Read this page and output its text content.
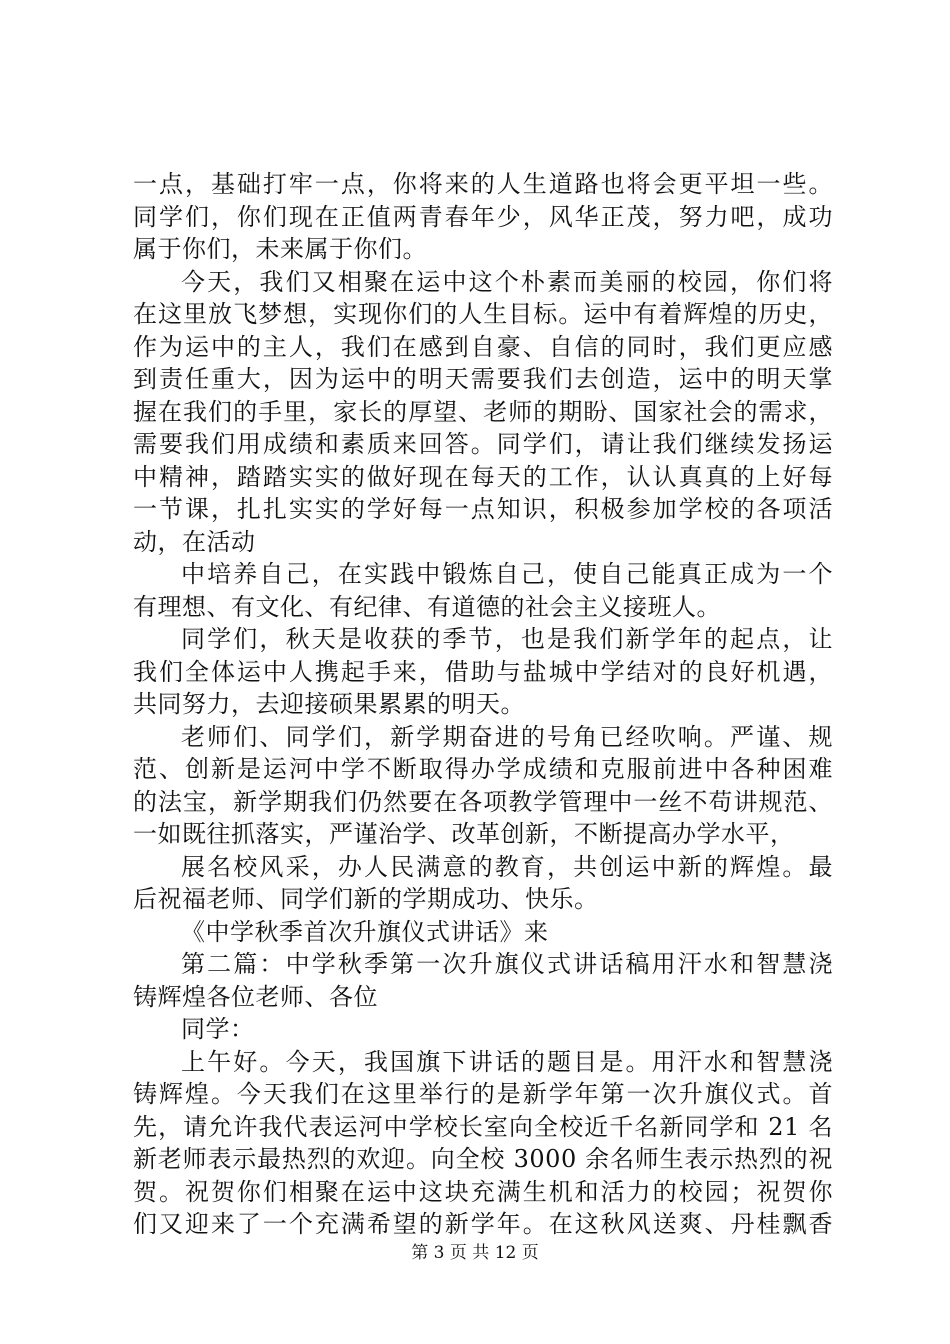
一点，基础打牢一点，你将来的人生道路也将会更平坦一些。
同学们，你们现在正值两青春年少，风华正茂，努力吧，成功
属于你们，未来属于你们。
今天，我们又相聚在运中这个朴素而美丽的校园，你们将
在这里放飞梦想，实现你们的人生目标。运中有着辉煌的历史，
作为运中的主人，我们在感到自豪、自信的同时，我们更应感
到责任重大，因为运中的明天需要我们去创造，运中的明天掌
握在我们的手里，家长的厚望、老师的期盼、国家社会的需求，
需要我们用成绩和素质来回答。同学们，请让我们继续发扬运
中精神，踏踏实实的做好现在每天的工作，认认真真的上好每
一节课，扎扎实实的学好每一点知识，积极参加学校的各项活
动，在活动
中培养自己，在实践中锻炼自己，使自己能真正成为一个
有理想、有文化、有纪律、有道德的社会主义接班人。
同学们，秋天是收获的季节，也是我们新学年的起点，让
我们全体运中人携起手来，借助与盐城中学结对的良好机遇，
共同努力，去迎接硕果累累的明天。
老师们、同学们，新学期奋进的号角已经吹响。严谨、规
范、创新是运河中学不断取得办学成绩和克服前进中各种困难
的法宝，新学期我们仍然要在各项教学管理中一丝不苟讲规范、
一如既往抓落实，严谨治学、改革创新，不断提高办学水平，
展名校风采，办人民满意的教育，共创运中新的辉煌。最
后祝福老师、同学们新的学期成功、快乐。
《中学秋季首次升旗仪式讲话》来
第二篇：中学秋季第一次升旗仪式讲话稿用汗水和智慧浇
铸辉煌各位老师、各位
同学：
上午好。今天，我国旗下讲话的题目是。用汗水和智慧浇
铸辉煌。今天我们在这里举行的是新学年第一次升旗仪式。首
先，请允许我代表运河中学校长室向全校近千名新同学和 21 名
新老师表示最热烈的欢迎。向全校 3000 余名师生表示热烈的祝
贺。祝贺你们相聚在运中这块充满生机和活力的校园；祝贺你
们又迎来了一个充满希望的新学年。在这秋风送爽、丹桂飘香
第 3 页 共 12 页
